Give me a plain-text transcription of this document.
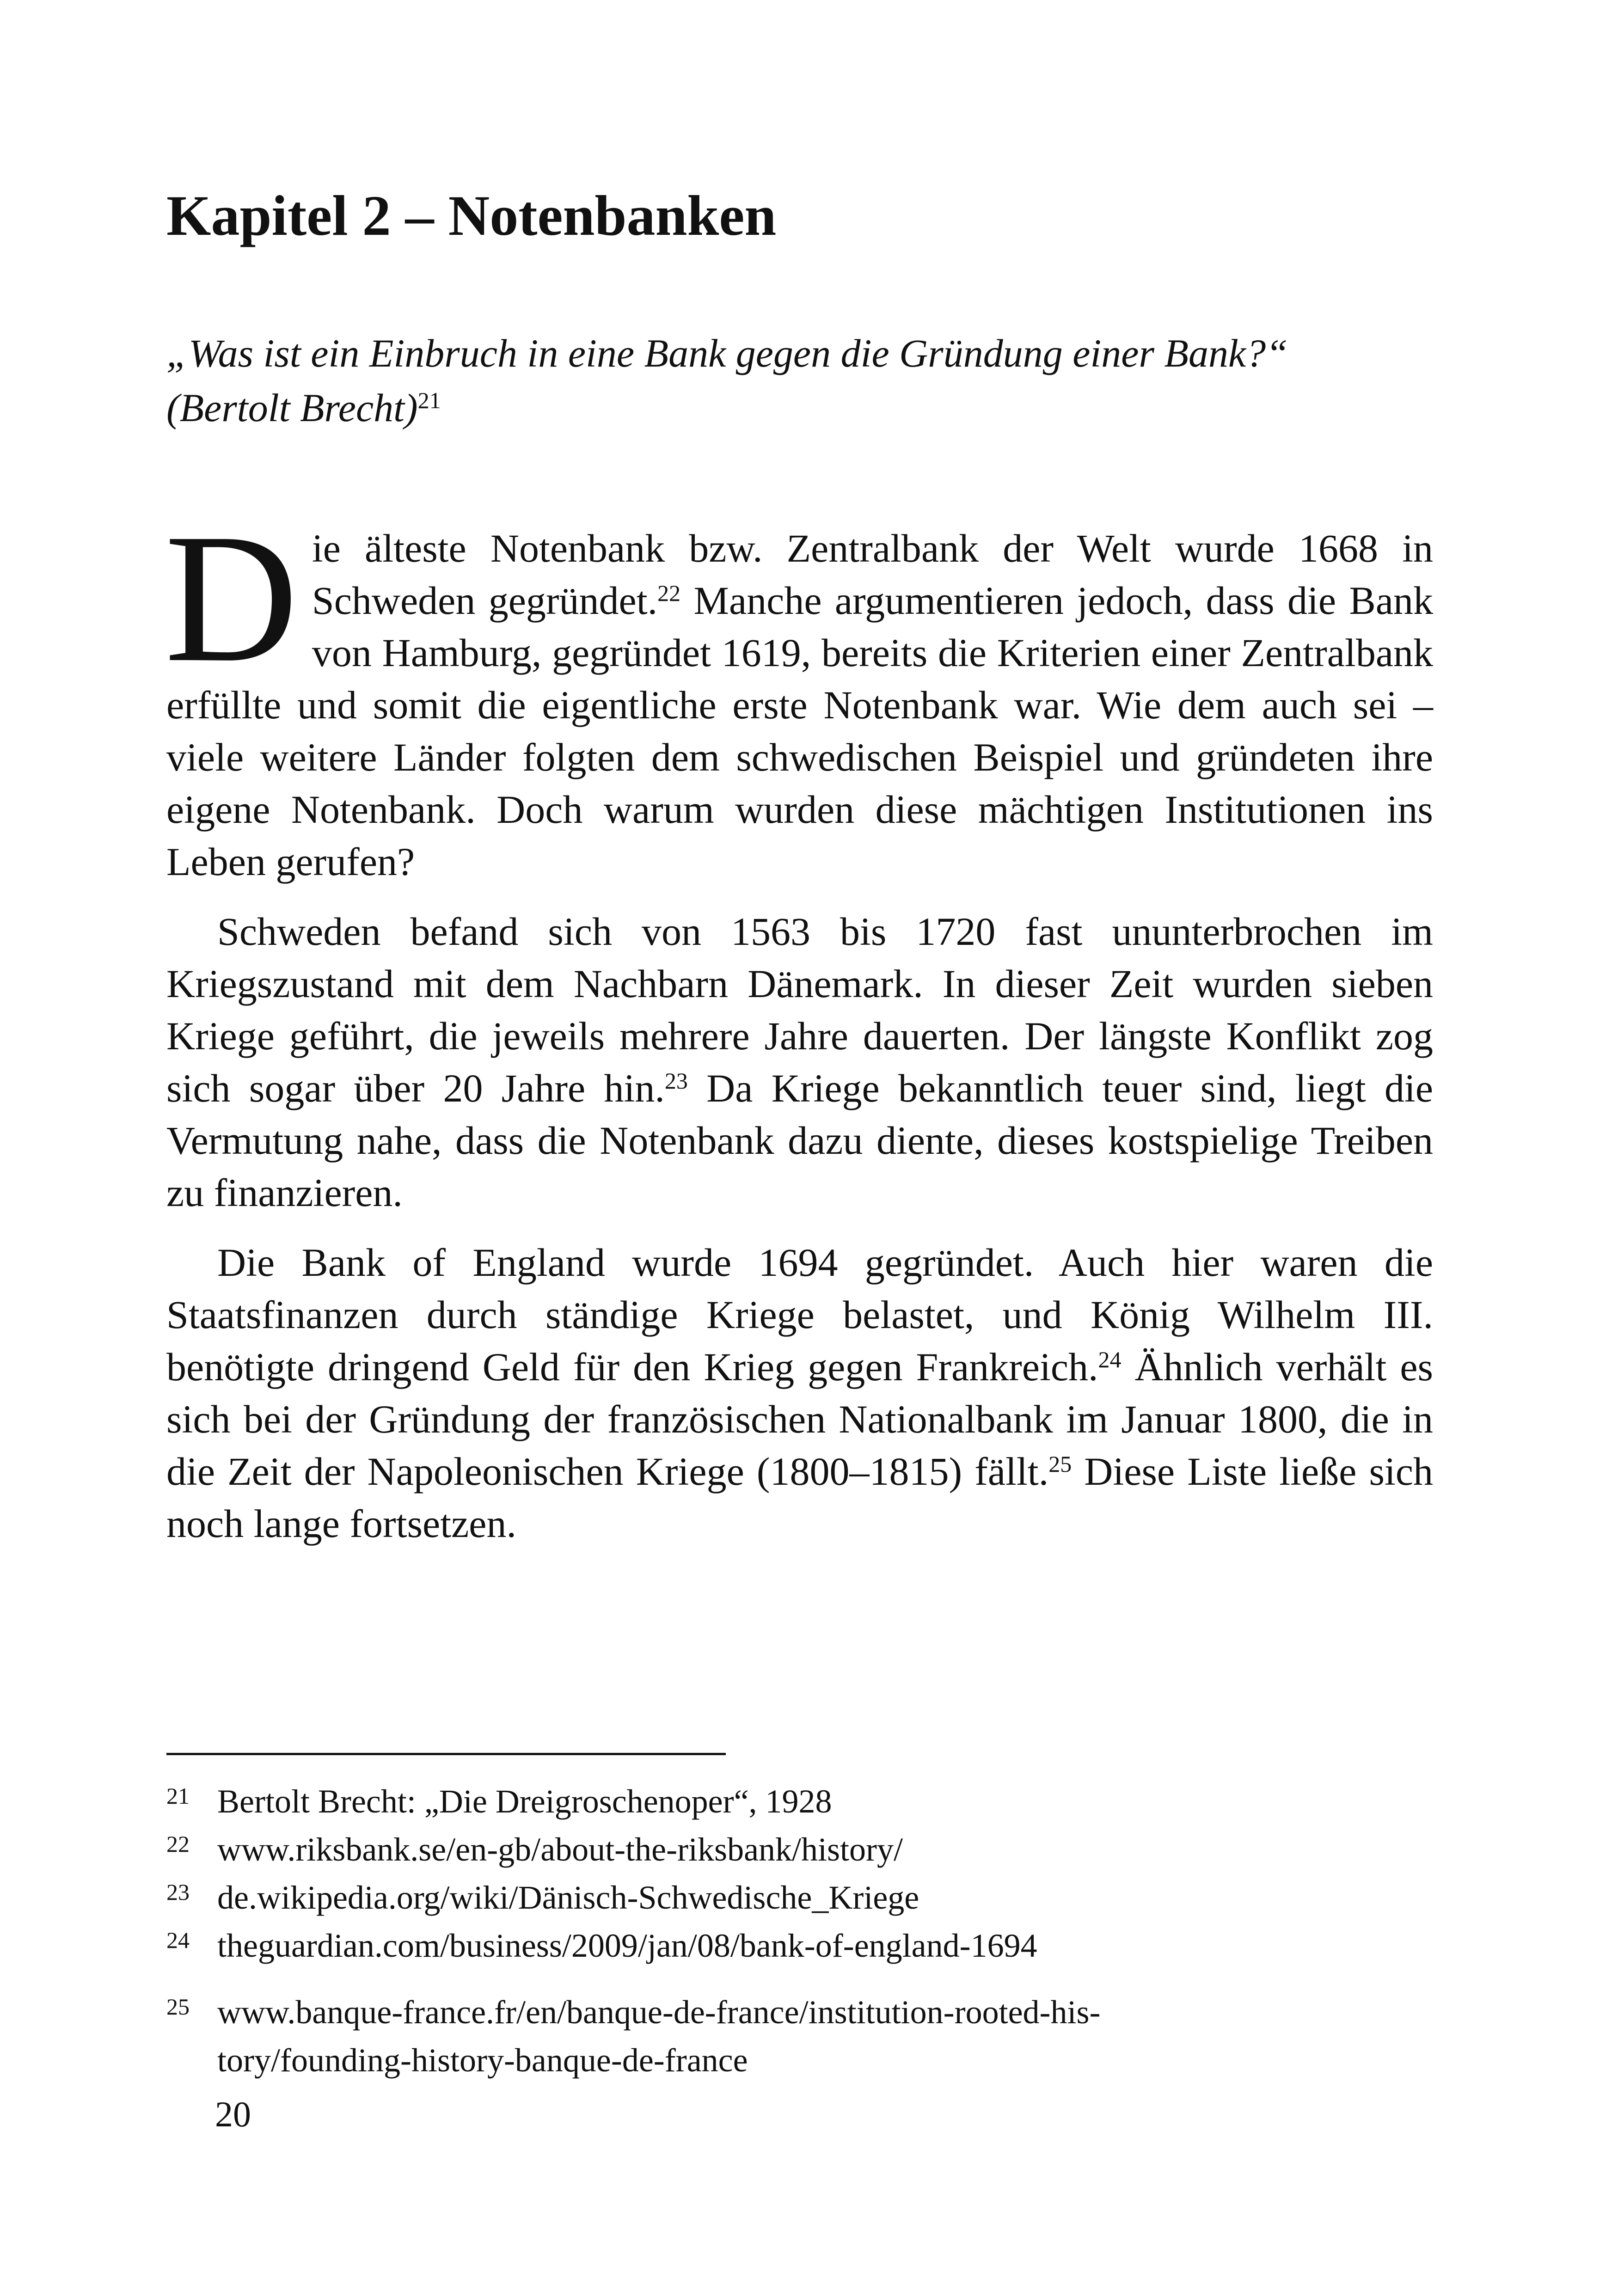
Kapitel 2 – Notenbanken
„Was ist ein Einbruch in eine Bank gegen die Gründung einer Bank?“
(Bertolt Brecht)$^{21}$

Die älteste Notenbank bzw. Zentralbank der Welt wurde 1668 in Schweden gegründet.$^{22}$ Manche argumentieren jedoch, dass die Bank von Hamburg, gegründet 1619, bereits die Kriterien einer Zentralbank erfüllte und somit die eigentliche erste Notenbank war. Wie dem auch sei – viele weitere Länder folgten dem schwedischen Beispiel und gründeten ihre eigene Notenbank. Doch warum wurden diese mächtigen Institutionen ins Leben gerufen?

Schweden befand sich von 1563 bis 1720 fast ununterbrochen im Kriegszustand mit dem Nachbarn Dänemark. In dieser Zeit wurden sieben Kriege geführt, die jeweils mehrere Jahre dauerten. Der längste Konflikt zog sich sogar über 20 Jahre hin.$^{23}$ Da Kriege bekanntlich teuer sind, liegt die Vermutung nahe, dass die Notenbank dazu diente, dieses kostspielige Treiben zu finanzieren.

Die Bank of England wurde 1694 gegründet. Auch hier waren die Staatsfinanzen durch ständige Kriege belastet, und König Wilhelm III. benötigte dringend Geld für den Krieg gegen Frankreich.$^{24}$ Ähnlich verhält es sich bei der Gründung der französischen Nationalbank im Januar 1800, die in die Zeit der Napoleonischen Kriege (1800–1815) fällt.$^{25}$ Diese Liste ließe sich noch lange fortsetzen.

21 Bertolt Brecht: „Die Dreigroschenoper“, 1928
22 www.riksbank.se/en-gb/about-the-riksbank/history/
23 de.wikipedia.org/wiki/Dänisch-Schwedische_Kriege
24 theguardian.com/business/2009/jan/08/bank-of-england-1694
25 www.banque-france.fr/en/banque-de-france/institution-rooted-his-
tory/founding-history-banque-de-france
20
